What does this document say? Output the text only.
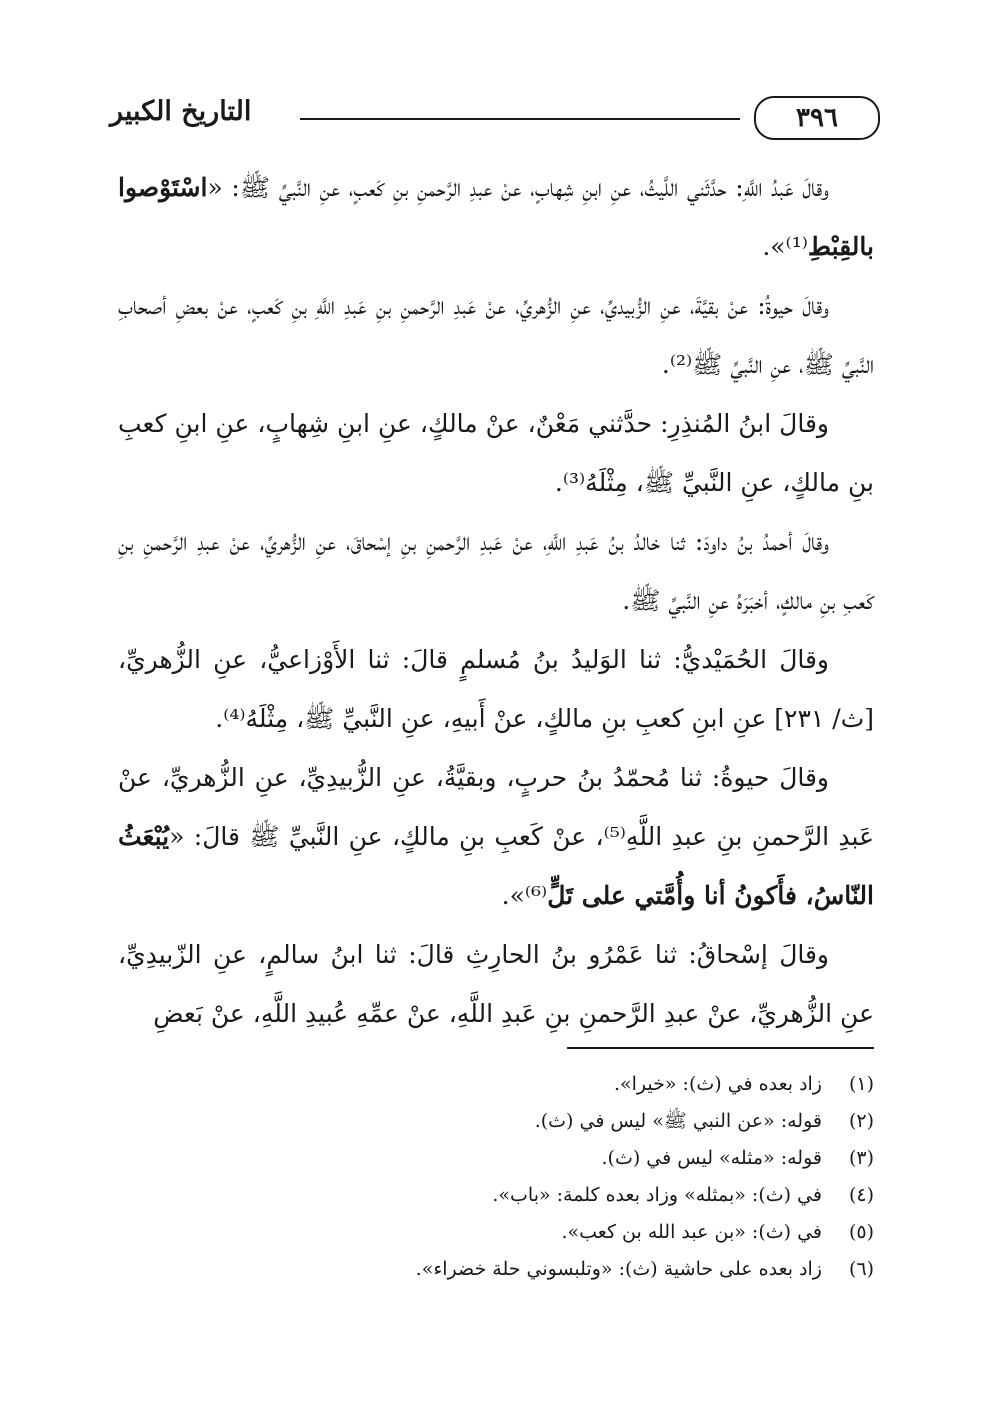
التاريخ الكبير	٣٩٦

وقالَ عَبدُ اللَّهِ: حدَّثَني اللَّيثُ، عنِ ابنِ شِهابٍ، عنْ عبدِ الرَّحمنِ بنِ كَعبٍ، عنِ النَّبيِّ ﷺ: «اسْتَوْصوا بالقِبْطِ⁽¹⁾».

وقالَ حيوةُ: عنْ بقيَّةَ، عنِ الزُّبيديِّ، عنِ الزُّهريِّ، عنْ عَبدِ الرَّحمنِ بنِ عَبدِ اللَّهِ بنِ كَعبٍ، عنْ بعضِ أصحابِ النَّبيِّ ﷺ، عنِ النَّبيِّ ﷺ⁽²⁾.

وقالَ ابنُ المُنذِرِ: حدَّثني مَعْنٌ، عنْ مالكٍ، عنِ ابنِ شِهابٍ، عنِ ابنِ كعبِ بنِ مالكٍ، عنِ النَّبيِّ ﷺ، مِثْلَهُ⁽³⁾.

وقالَ أحمدُ بنُ داودَ: ثنا خالدُ بنُ عَبدِ اللَّهِ، عنْ عَبدِ الرَّحمنِ بنِ إسْحاقَ، عنِ الزُّهريِّ، عنْ عبدِ الرَّحمنِ بنِ كَعبِ بنِ مالكٍ، أخبَرَهُ عنِ النَّبيِّ ﷺ.

وقالَ الحُمَيْديُّ: ثنا الوَليدُ بنُ مُسلمٍ قالَ: ثنا الأَوْزاعيُّ، عنِ الزُّهريِّ، [ث/ ٢٣١] عنِ ابنِ كعبِ بنِ مالكٍ، عنْ أَبيهِ، عنِ النَّبيِّ ﷺ، مِثْلَهُ⁽⁴⁾.

وقالَ حيوةُ: ثنا مُحمّدُ بنُ حربٍ، وبقيَّةُ، عنِ الزُّبيدِيِّ، عنِ الزُّهريِّ، عنْ عَبدِ الرَّحمنِ بنِ عبدِ اللَّهِ⁽⁵⁾، عنْ كَعبِ بنِ مالكٍ، عنِ النَّبيِّ ﷺ قالَ: «يُبْعَثُ النّاسُ، فأَكونُ أنا وأُمَّتي على تَلٍّ⁽⁶⁾».

وقالَ إسْحاقُ: ثنا عَمْرُو بنُ الحارِثِ قالَ: ثنا ابنُ سالمٍ، عنِ الزّبيدِيِّ، عنِ الزُّهريِّ، عنْ عبدِ الرَّحمنِ بنِ عَبدِ اللَّهِ، عنْ عمِّهِ عُبيدِ اللَّهِ، عنْ بَعضِ

(١)زاد بعده في (ث): «خيرا».
(٢)قوله: «عن النبي ﷺ» ليس في (ث).
(٣)قوله: «مثله» ليس في (ث).
(٤)في (ث): «بمثله» وزاد بعده كلمة: «باب».
(٥)في (ث): «بن عبد الله بن كعب».
(٦)زاد بعده على حاشية (ث): «وتلبسوني حلة خضراء».
